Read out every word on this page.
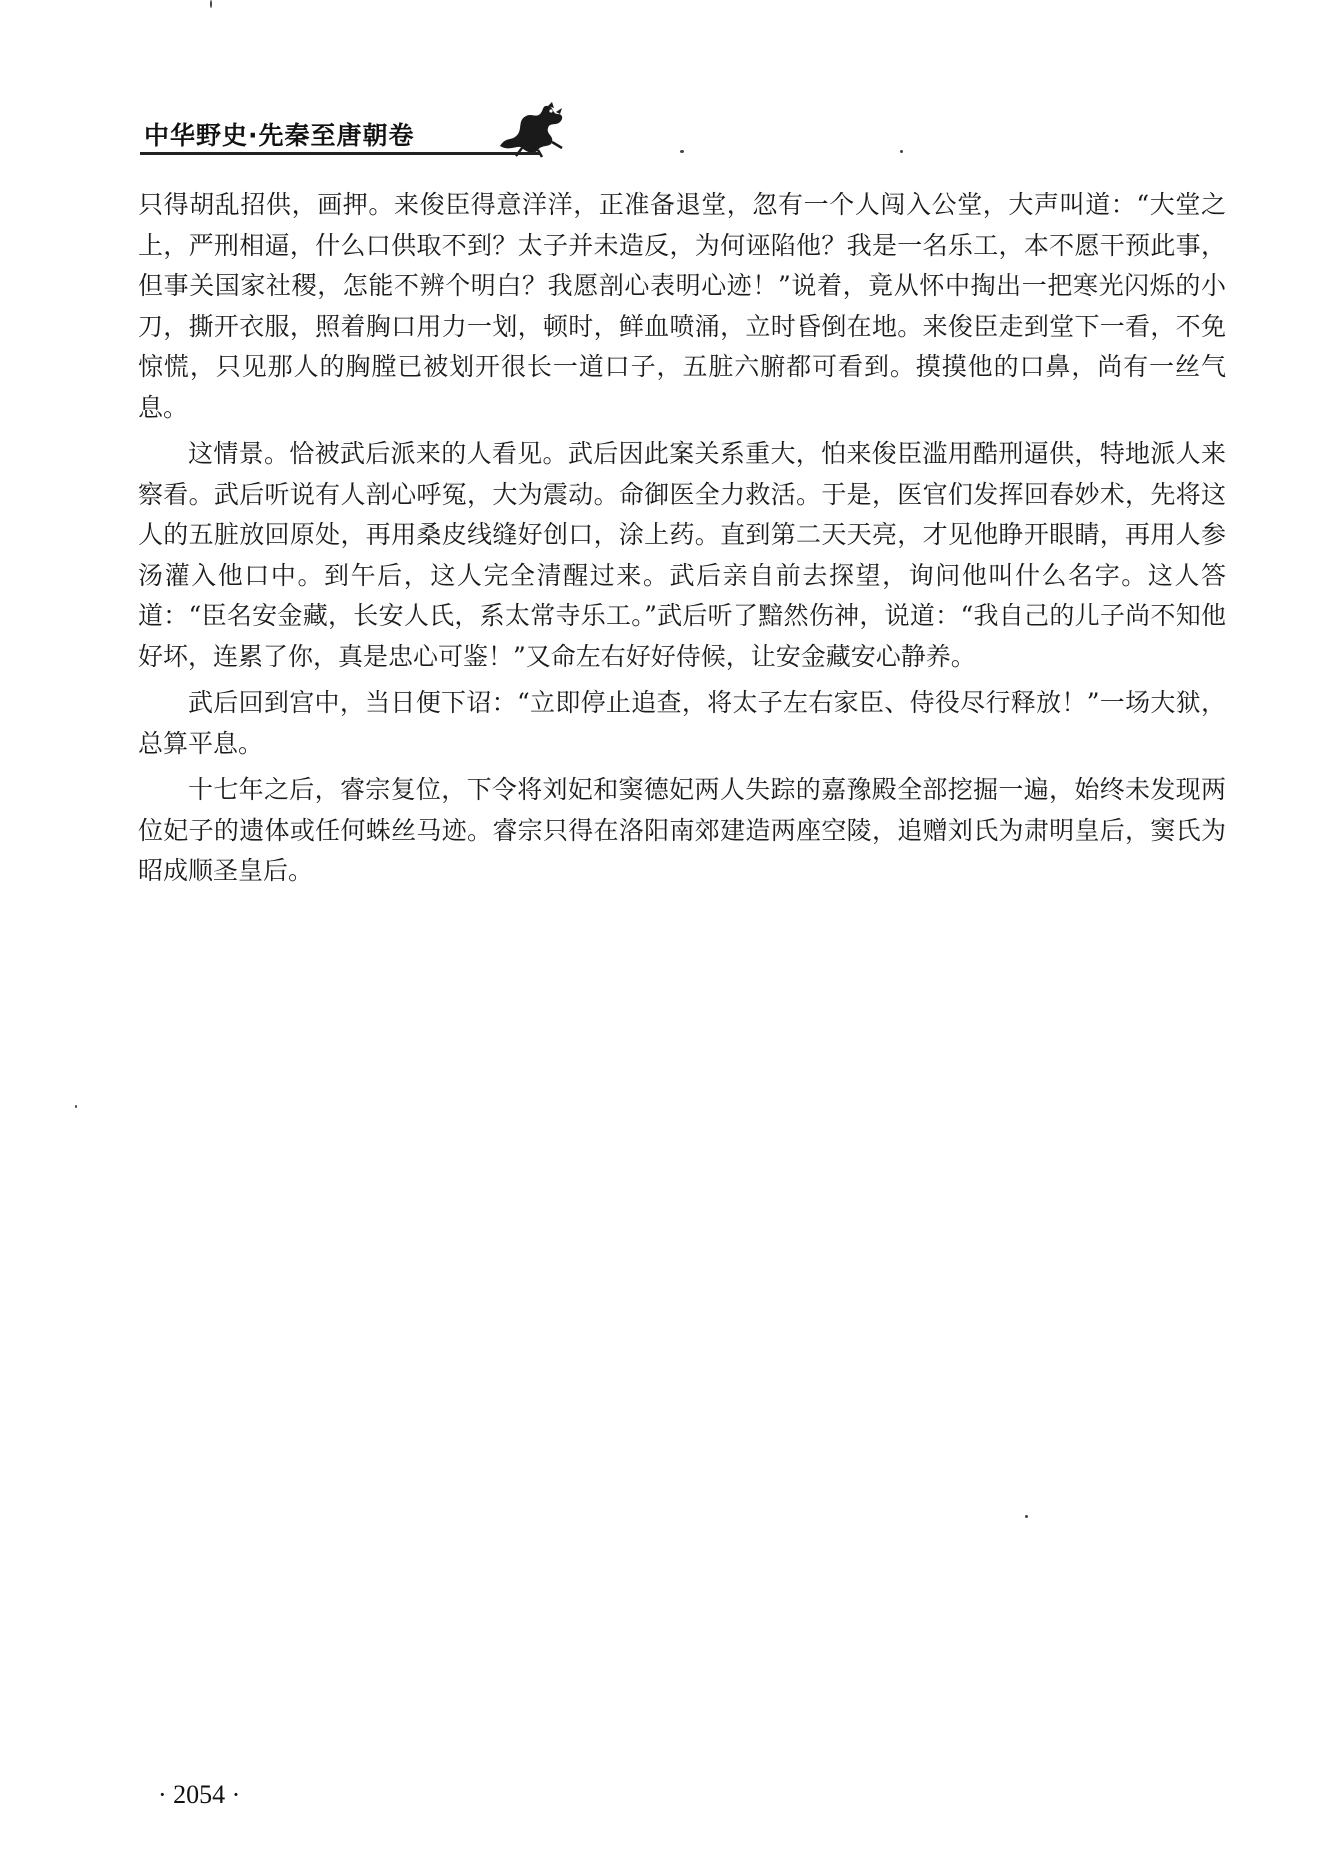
中华野史·先秦至唐朝卷

只得胡乱招供，画押。来俊臣得意洋洋，正准备退堂，忽有一个人闯入公堂，大声叫道：“大堂之上，严刑相逼，什么口供取不到？太子并未造反，为何诬陷他？我是一名乐工，本不愿干预此事，但事关国家社稷，怎能不辨个明白？我愿剖心表明心迹！”说着，竟从怀中掏出一把寒光闪烁的小刀，撕开衣服，照着胸口用力一划，顿时，鲜血喷涌，立时昏倒在地。来俊臣走到堂下一看，不免惊慌，只见那人的胸膛已被划开很长一道口子，五脏六腑都可看到。摸摸他的口鼻，尚有一丝气息。

这情景。恰被武后派来的人看见。武后因此案关系重大，怕来俊臣滥用酷刑逼供，特地派人来察看。武后听说有人剖心呼冤，大为震动。命御医全力救活。于是，医官们发挥回春妙术，先将这人的五脏放回原处，再用桑皮线缝好创口，涂上药。直到第二天天亮，才见他睁开眼睛，再用人参汤灌入他口中。到午后，这人完全清醒过来。武后亲自前去探望，询问他叫什么名字。这人答道：“臣名安金藏，长安人氏，系太常寺乐工。”武后听了黯然伤神，说道：“我自己的儿子尚不知他好坏，连累了你，真是忠心可鉴！”又命左右好好侍候，让安金藏安心静养。

武后回到宫中，当日便下诏：“立即停止追查，将太子左右家臣、侍役尽行释放！”一场大狱，总算平息。

十七年之后，睿宗复位，下令将刘妃和窦德妃两人失踪的嘉豫殿全部挖掘一遍，始终未发现两位妃子的遗体或任何蛛丝马迹。睿宗只得在洛阳南郊建造两座空陵，追赠刘氏为肃明皇后，窦氏为昭成顺圣皇后。

· 2054 ·
